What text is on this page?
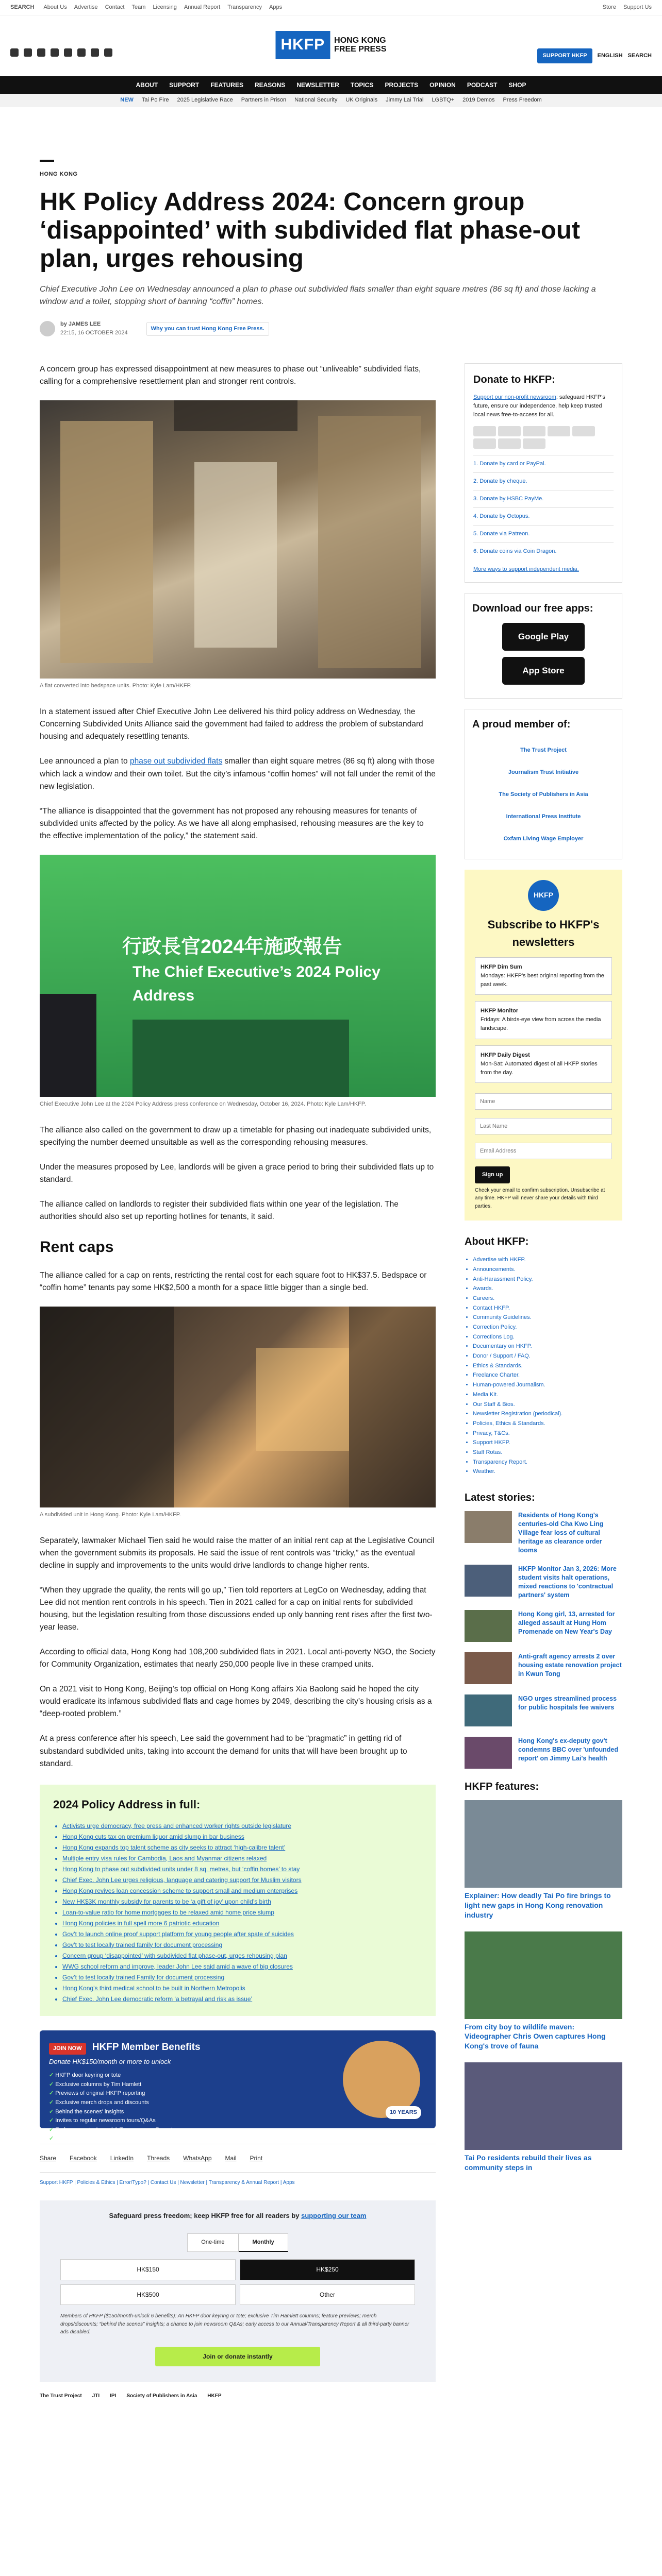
SEARCH About Us Advertise Contact Team Licensing Annual Report Transparency Apps	Store Support Us
HKFP	HONG KONG
FREE PRESS
SUPPORT HKFP	ENGLISH SEARCH
ABOUT SUPPORT FEATURES REASONS NEWSLETTER TOPICS PROJECTS OPINION PODCAST SHOP
NEW Tai Po Fire 2025 Legislative Race Partners in Prison National Security UK Originals Jimmy Lai Trial LGBTQ+ 2019 Demos Press Freedom
HONG KONG
HK Policy Address 2024: Concern group ‘disappointed’ with subdivided flat phase-out plan, urges rehousing
Chief Executive John Lee on Wednesday announced a plan to phase out subdivided flats smaller than eight square metres (86 sq ft) and those lacking a window and a toilet, stopping short of banning “coffin” homes.
by JAMES LEE
22:15, 16 OCTOBER 2024
Why you can trust Hong Kong Free Press.

A concern group has expressed disappointment at new measures to phase out “unliveable” subdivided flats, calling for a comprehensive resettlement plan and stronger rent controls.

A flat converted into bedspace units. Photo: Kyle Lam/HKFP.

In a statement issued after Chief Executive John Lee delivered his third policy address on Wednesday, the Concerning Subdivided Units Alliance said the government had failed to address the problem of substandard housing and adequately resettling tenants.

Lee announced a plan to phase out subdivided flats smaller than eight square metres (86 sq ft) along with those which lack a window and their own toilet. But the city’s infamous “coffin homes” will not fall under the remit of the new legislation.

“The alliance is disappointed that the government has not proposed any rehousing measures for tenants of subdivided units affected by the policy. As we have all along emphasised, rehousing measures are the key to the effective implementation of the policy,” the statement said.

行政長官2024年施政報告
The Chief Executive’s 2024 Policy Address
Chief Executive John Lee at the 2024 Policy Address press conference on Wednesday, October 16, 2024. Photo: Kyle Lam/HKFP.

The alliance also called on the government to draw up a timetable for phasing out inadequate subdivided units, specifying the number deemed unsuitable as well as the corresponding rehousing measures.

Under the measures proposed by Lee, landlords will be given a grace period to bring their subdivided flats up to standard.

The alliance called on landlords to register their subdivided flats within one year of the legislation. The authorities should also set up reporting hotlines for tenants, it said.

Rent caps

The alliance called for a cap on rents, restricting the rental cost for each square foot to HK$37.5. Bedspace or “coffin home” tenants pay some HK$2,500 a month for a space little bigger than a single bed.

A subdivided unit in Hong Kong. Photo: Kyle Lam/HKFP.

Separately, lawmaker Michael Tien said he would raise the matter of an initial rent cap at the Legislative Council when the government submits its proposals. He said the issue of rent controls was “tricky,” as the eventual decline in supply and improvements to the units would drive landlords to change higher rents.

“When they upgrade the quality, the rents will go up,” Tien told reporters at LegCo on Wednesday, adding that Lee did not mention rent controls in his speech. Tien in 2021 called for a cap on initial rents for subdivided housing, but the legislation resulting from those discussions ended up only banning rent rises after the first two-year lease.

According to official data, Hong Kong had 108,200 subdivided flats in 2021. Local anti-poverty NGO, the Society for Community Organization, estimates that nearly 250,000 people live in these cramped units.

On a 2021 visit to Hong Kong, Beijing’s top official on Hong Kong affairs Xia Baolong said he hoped the city would eradicate its infamous subdivided flats and cage homes by 2049, describing the city’s housing crisis as a “deep-rooted problem.”

At a press conference after his speech, Lee said the government had to be “pragmatic” in getting rid of substandard subdivided units, taking into account the demand for units that will have been brought up to standard.

2024 Policy Address in full:
• Activists urge democracy, free press and enhanced worker rights outside legislature
• Hong Kong cuts tax on premium liquor amid slump in bar business
• Hong Kong expands top talent scheme as city seeks to attract ‘high-calibre talent’
• Multiple entry visa rules for Cambodia, Laos and Myanmar citizens relaxed
• Hong Kong to phase out subdivided units under 8 sq. metres, but ‘coffin homes’ to stay
• Chief Exec. John Lee urges religious, language and catering support for Muslim visitors
• Hong Kong revives loan concession scheme to support small and medium enterprises
• New HK$3K monthly subsidy for parents to be ‘a gift of joy’ upon child’s birth
• Loan-to-value ratio for home mortgages to be relaxed amid home price slump
• Hong Kong policies in full spell more 6 patriotic education
• Gov’t to launch online proof support platform for young people after spate of suicides
• Gov’t to test locally trained family for document processing
• Concern group ‘disappointed’ with subdivided flat phase-out, urges rehousing plan
• WWG school reform and improve, leader John Lee said amid a wave of big closures
• Gov’t to test locally trained Family for document processing
• Hong Kong’s third medical school to be built in Northern Metropolis
• Chief Exec. John Lee democratic reform ‘a betrayal and risk as issue’
JOIN NOW HKFP Member Benefits
Donate HK$150/month or more to unlock
✓ HKFP door keyring or tote
✓ Exclusive columns by Tim Hamlett
✓ Previews of original HKFP reporting
✓ Exclusive merch drops and discounts
✓ Behind the scenes' insights
✓ Invites to regular newsroom tours/Q&As
✓ Early access to Annual & Transparency Reports
✓ All third-party banner ads disabled
10 YEARS
Share Facebook LinkedIn Threads WhatsApp Mail Print
Support HKFP | Policies & Ethics | Error/Typo? | Contact Us | Newsletter | Transparency & Annual Report | Apps
Safeguard press freedom; keep HKFP free for all readers by supporting our team
One-time	Monthly
HK$150	HK$250
HK$500	Other
Members of HKFP ($150/month-unlock 6 benefits): An HKFP door keyring or tote; exclusive Tim Hamlett columns; feature previews; merch drops/discounts; “behind the scenes” insights; a chance to join newsroom Q&As; early access to our Annual/Transparency Report & all third-party banner ads disabled.
Join or donate instantly
The Trust Project JTI IPI Society of Publishers in Asia HKFP
Donate to HKFP:

Support our non-profit newsroom: safeguard HKFP's future, ensure our independence, help keep trusted local news free-to-access for all.

1. Donate by card or PayPal.
2. Donate by cheque.
3. Donate by HSBC PayMe.
4. Donate by Octopus.
5. Donate via Patreon.
6. Donate coins via Coin Dragon.

More ways to support independent media.

Download our free apps:
Google Play
App Store
A proud member of:
The Trust Project
Journalism Trust Initiative
The Society of Publishers in Asia
International Press Institute
Oxfam Living Wage Employer
HKFP
Subscribe to HKFP's newsletters
HKFP Dim Sum
Mondays: HKFP's best original reporting from the past week.
HKFP Monitor
Fridays: A birds-eye view from across the media landscape.
HKFP Daily Digest
Mon-Sat: Automated digest of all HKFP stories from the day.
Name Last Name Email Address
Sign up

Check your email to confirm subscription. Unsubscribe at any time. HKFP will never share your details with third parties.

About HKFP:
• Advertise with HKFP.
• Announcements.
• Anti-Harassment Policy.
• Awards.
• Careers.
• Contact HKFP.
• Community Guidelines.
• Correction Policy.
• Corrections Log.
• Documentary on HKFP.
• Donor / Support / FAQ.
• Ethics & Standards.
• Freelance Charter.
• Human-powered Journalism.
• Media Kit.
• Our Staff & Bios.
• Newsletter Registration (periodical).
• Policies, Ethics & Standards.
• Privacy, T&Cs.
• Support HKFP.
• Staff Rotas.
• Transparency Report.
• Weather.
Latest stories:
Residents of Hong Kong's centuries-old Cha Kwo Ling Village fear loss of cultural heritage as clearance order looms
HKFP Monitor Jan 3, 2026: More student visits halt operations, mixed reactions to 'contractual partners' system
Hong Kong girl, 13, arrested for alleged assault at Hung Hom Promenade on New Year's Day
Anti-graft agency arrests 2 over housing estate renovation project in Kwun Tong
NGO urges streamlined process for public hospitals fee waivers
Hong Kong's ex-deputy gov't condemns BBC over 'unfounded report' on Jimmy Lai's health
HKFP features:
Explainer: How deadly Tai Po fire brings to light new gaps in Hong Kong renovation industry
From city boy to wildlife maven: Videographer Chris Owen captures Hong Kong's trove of fauna
Tai Po residents rebuild their lives as community steps in
